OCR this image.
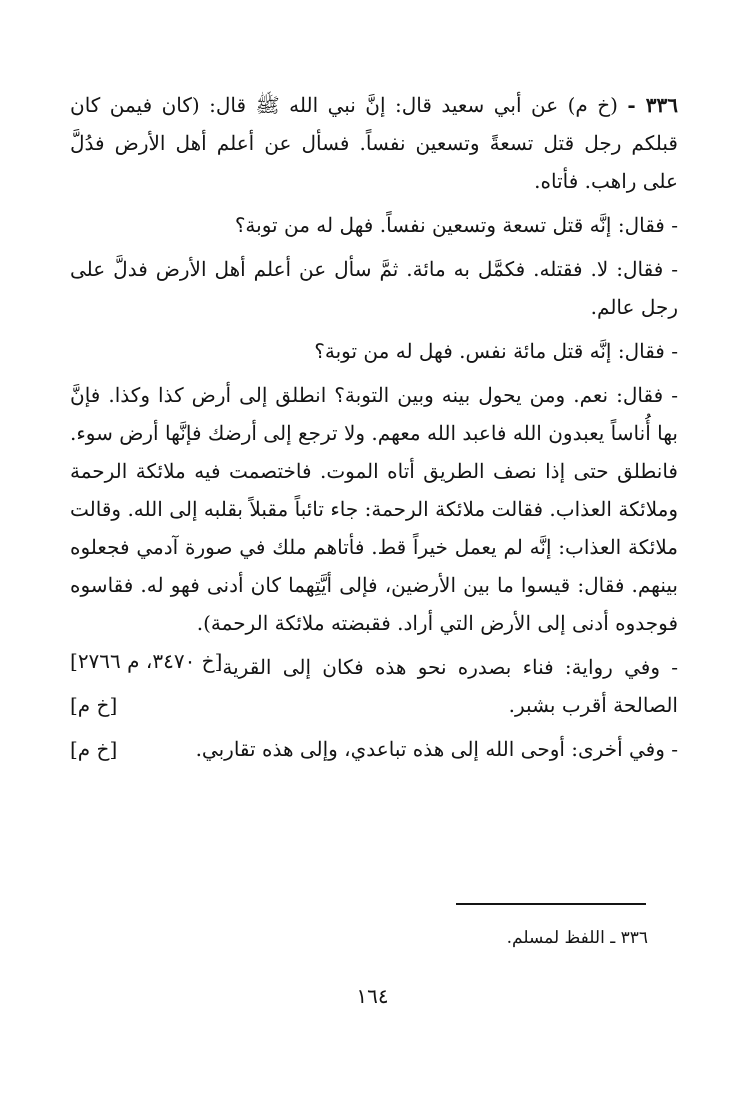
٣٣٦ - (خ م) عن أبي سعيد قال: إنَّ نبي الله ﷺ قال: (كان فيمن كان قبلكم رجل قتل تسعةً وتسعين نفساً. فسأل عن أعلم أهل الأرض فدُلَّ على راهب. فأتاه.

- فقال: إنَّه قتل تسعة وتسعين نفساً. فهل له من توبة؟

- فقال: لا. فقتله. فكمَّل به مائة. ثمَّ سأل عن أعلم أهل الأرض فدلَّ على رجل عالم.

- فقال: إنَّه قتل مائة نفس. فهل له من توبة؟

- فقال: نعم. ومن يحول بينه وبين التوبة؟ انطلق إلى أرض كذا وكذا. فإنَّ بها أُناساً يعبدون الله فاعبد الله معهم. ولا ترجع إلى أرضك فإنَّها أرض سوء. فانطلق حتى إذا نصف الطريق أتاه الموت. فاختصمت فيه ملائكة الرحمة وملائكة العذاب. فقالت ملائكة الرحمة: جاء تائباً مقبلاً بقلبه إلى الله. وقالت ملائكة العذاب: إنَّه لم يعمل خيراً قط. فأتاهم ملك في صورة آدمي فجعلوه بينهم. فقال: قيسوا ما بين الأرضين، فإلى أيَّتِهما كان أدنى فهو له. فقاسوه فوجدوه أدنى إلى الأرض التي أراد. فقبضته ملائكة الرحمة).
[خ ٣٤٧٠، م ٢٧٦٦] - وفي رواية: فناء بصدره نحو هذه فكان إلى القرية الصالحة أقرب بشبر.
[خ م]

- وفي أخرى: أوحى الله إلى هذه تباعدي، وإلى هذه تقاربي.
[خ م]

٣٣٦ ـ اللفظ لمسلم.
١٦٤
